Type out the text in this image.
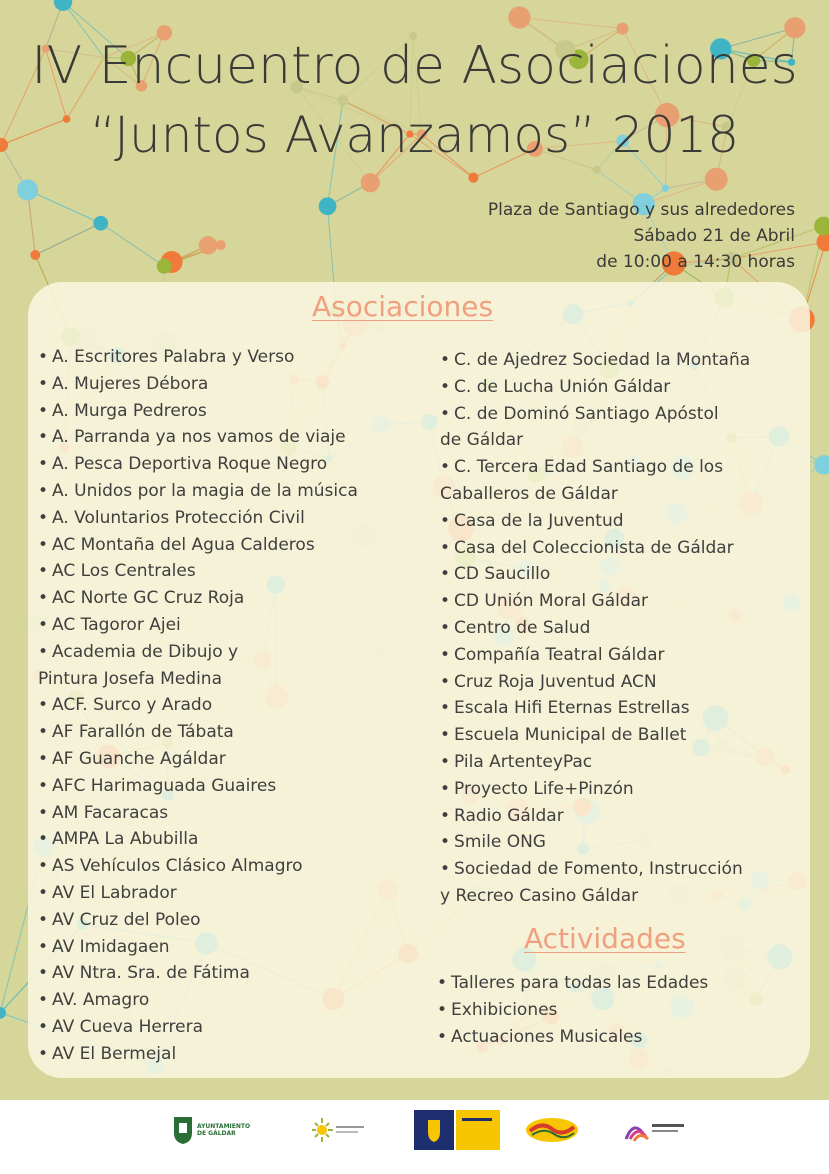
IV Encuentro de Asociaciones
“Juntos Avanzamos” 2018
Plaza de Santiago y sus alrededores
Sábado 21 de Abril
de 10:00 a 14:30 horas
Asociaciones
• A. Escritores Palabra y Verso
• A. Mujeres Débora
• A. Murga Pedreros
• A. Parranda ya nos vamos de viaje
• A. Pesca Deportiva Roque Negro
• A. Unidos por la magia de la música
• A. Voluntarios Protección Civil
• AC Montaña del Agua Calderos
• AC Los Centrales
• AC Norte GC Cruz Roja
• AC Tagoror Ajei
• Academia de Dibujo y
Pintura Josefa Medina
• ACF. Surco y Arado
• AF Farallón de Tábata
• AF Guanche Agáldar
• AFC Harimaguada Guaires
• AM Facaracas
• AMPA La Abubilla
• AS Vehículos Clásico Almagro
• AV El Labrador
• AV Cruz del Poleo
• AV Imidagaen
• AV Ntra. Sra. de Fátima
• AV. Amagro
• AV Cueva Herrera
• AV El Bermejal
• C. de Ajedrez Sociedad la Montaña
• C. de Lucha Unión Gáldar
• C. de Dominó Santiago Apóstol
de Gáldar
• C. Tercera Edad Santiago de los
Caballeros de Gáldar
• Casa de la Juventud
• Casa del Coleccionista de Gáldar
• CD Saucillo
• CD Unión Moral Gáldar
• Centro de Salud
• Compañía Teatral Gáldar
• Cruz Roja Juventud ACN
• Escala Hifi Eternas Estrellas
• Escuela Municipal de Ballet
• Pila ArtenteyPac
• Proyecto Life+Pinzón
• Radio Gáldar
• Smile ONG
• Sociedad de Fomento, Instrucción
y Recreo Casino Gáldar
Actividades
• Talleres para todas las Edades
• Exhibiciones
• Actuaciones Musicales
AYUNTAMIENTO
DE GÁLDAR
